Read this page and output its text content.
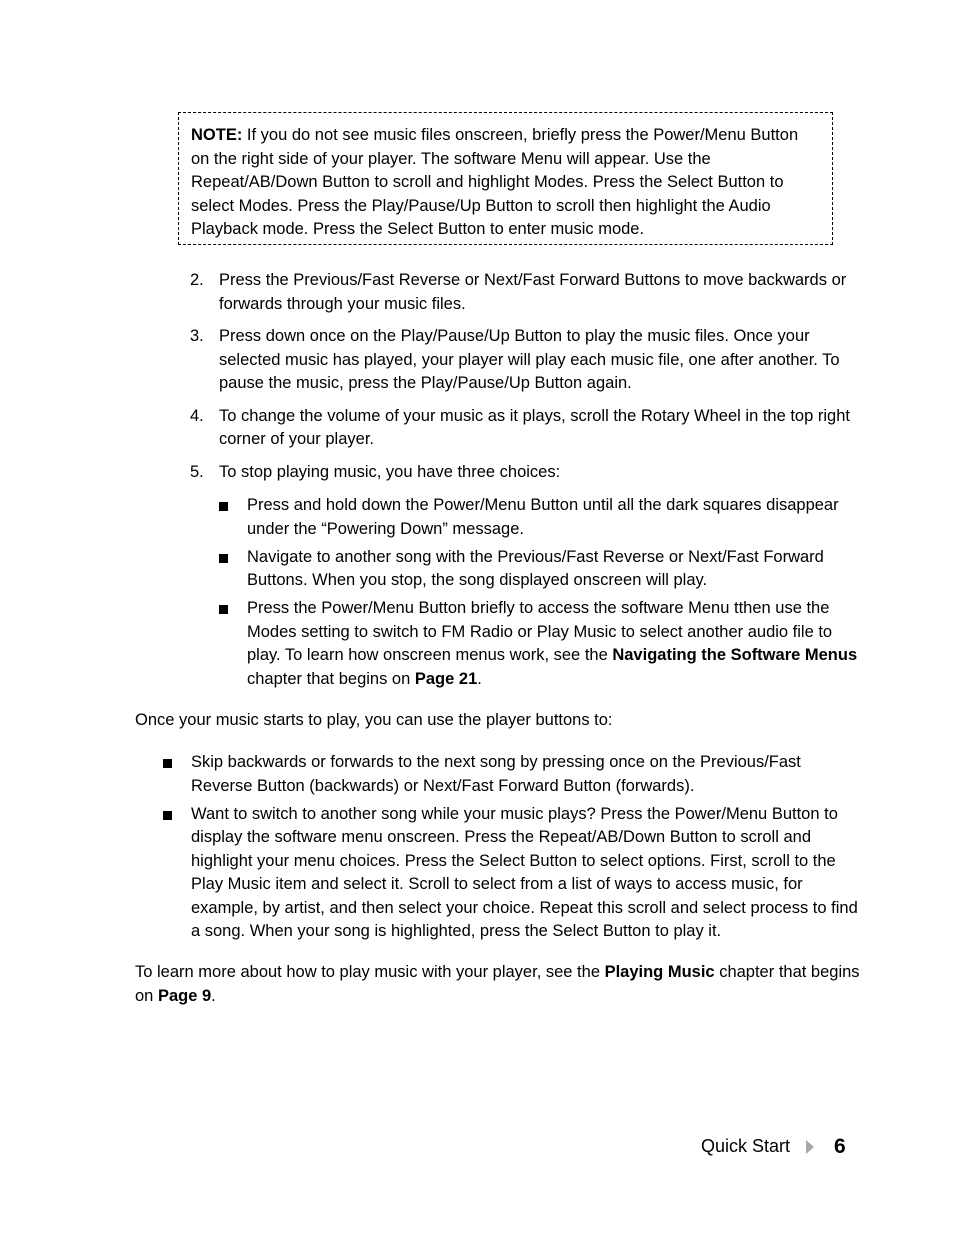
NOTE: If you do not see music files onscreen, briefly press the Power/Menu Button on the right side of your player. The software Menu will appear. Use the Repeat/AB/Down Button to scroll and highlight Modes. Press the Select Button to select Modes. Press the Play/Pause/Up Button to scroll then highlight the Audio Playback mode. Press the Select Button to enter music mode.

2. Press the Previous/Fast Reverse or Next/Fast Forward Buttons to move backwards or forwards through your music files.
3. Press down once on the Play/Pause/Up Button to play the music files. Once your selected music has played, your player will play each music file, one after another. To pause the music, press the Play/Pause/Up Button again.
4. To change the volume of your music as it plays, scroll the Rotary Wheel in the top right corner of your player.
5. To stop playing music, you have three choices:
Press and hold down the Power/Menu Button until all the dark squares disappear under the “Powering Down” message.
Navigate to another song with the Previous/Fast Reverse or Next/Fast Forward Buttons. When you stop, the song displayed onscreen will play.
Press the Power/Menu Button briefly to access the software Menu tthen use the Modes setting to switch to FM Radio or Play Music to select another audio file to play. To learn how onscreen menus work, see the Navigating the Software Menus chapter that begins on Page 21.

Once your music starts to play, you can use the player buttons to:

Skip backwards or forwards to the next song by pressing once on the Previous/Fast Reverse Button (backwards) or Next/Fast Forward Button (forwards).
Want to switch to another song while your music plays? Press the Power/Menu Button to display the software menu onscreen. Press the Repeat/AB/Down Button to scroll and highlight your menu choices. Press the Select Button to select options. First, scroll to the Play Music item and select it. Scroll to select from a list of ways to access music, for example, by artist, and then select your choice. Repeat this scroll and select process to find a song. When your song is highlighted, press the Select Button to play it.

To learn more about how to play music with your player, see the Playing Music chapter that begins on Page 9.

Quick Start 6
